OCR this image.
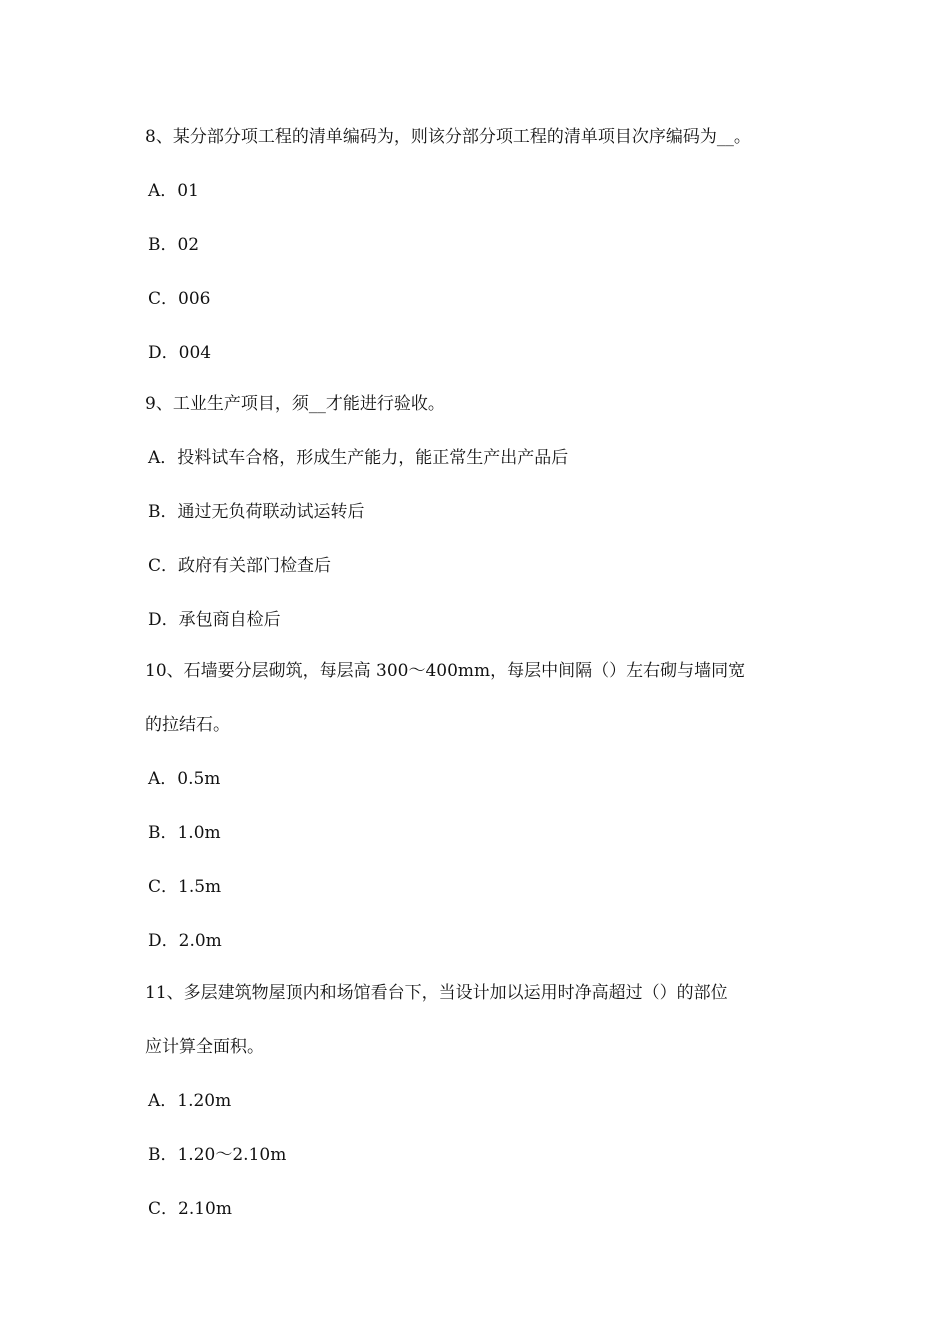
8、某分部分项工程的清单编码为，则该分部分项工程的清单项目次序编码为__。
A．01
B．02
C．006
D．004
9、工业生产项目，须__才能进行验收。
A．投料试车合格，形成生产能力，能正常生产出产品后
B．通过无负荷联动试运转后
C．政府有关部门检查后
D．承包商自检后
10、石墙要分层砌筑，每层高 300～400mm，每层中间隔（）左右砌与墙同宽
的拉结石。
A．0.5m
B．1.0m
C．1.5m
D．2.0m
11、多层建筑物屋顶内和场馆看台下，当设计加以运用时净高超过（）的部位
应计算全面积。
A．1.20m
B．1.20～2.10m
C．2.10m
